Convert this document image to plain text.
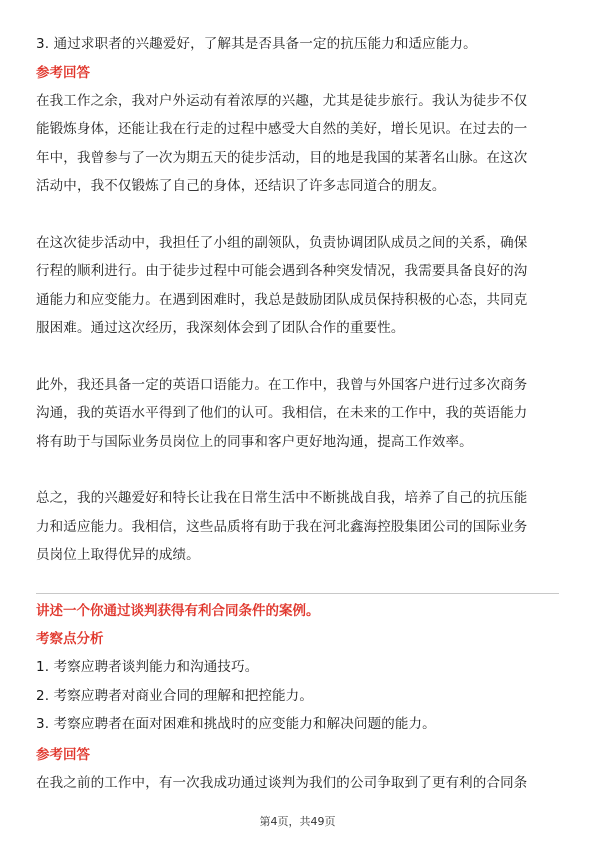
3. 通过求职者的兴趣爱好，了解其是否具备一定的抗压能力和适应能力。
参考回答
在我工作之余，我对户外运动有着浓厚的兴趣，尤其是徒步旅行。我认为徒步不仅
能锻炼身体，还能让我在行走的过程中感受大自然的美好，增长见识。在过去的一
年中，我曾参与了一次为期五天的徒步活动，目的地是我国的某著名山脉。在这次
活动中，我不仅锻炼了自己的身体，还结识了许多志同道合的朋友。
在这次徒步活动中，我担任了小组的副领队，负责协调团队成员之间的关系，确保
行程的顺利进行。由于徒步过程中可能会遇到各种突发情况，我需要具备良好的沟
通能力和应变能力。在遇到困难时，我总是鼓励团队成员保持积极的心态，共同克
服困难。通过这次经历，我深刻体会到了团队合作的重要性。
此外，我还具备一定的英语口语能力。在工作中，我曾与外国客户进行过多次商务
沟通，我的英语水平得到了他们的认可。我相信，在未来的工作中，我的英语能力
将有助于与国际业务员岗位上的同事和客户更好地沟通，提高工作效率。
总之，我的兴趣爱好和特长让我在日常生活中不断挑战自我，培养了自己的抗压能
力和适应能力。我相信，这些品质将有助于我在河北鑫海控股集团公司的国际业务
员岗位上取得优异的成绩。
讲述一个你通过谈判获得有利合同条件的案例。
考察点分析
1. 考察应聘者谈判能力和沟通技巧。
2. 考察应聘者对商业合同的理解和把控能力。
3. 考察应聘者在面对困难和挑战时的应变能力和解决问题的能力。
参考回答
在我之前的工作中，有一次我成功通过谈判为我们的公司争取到了更有利的合同条
第4页，共49页
